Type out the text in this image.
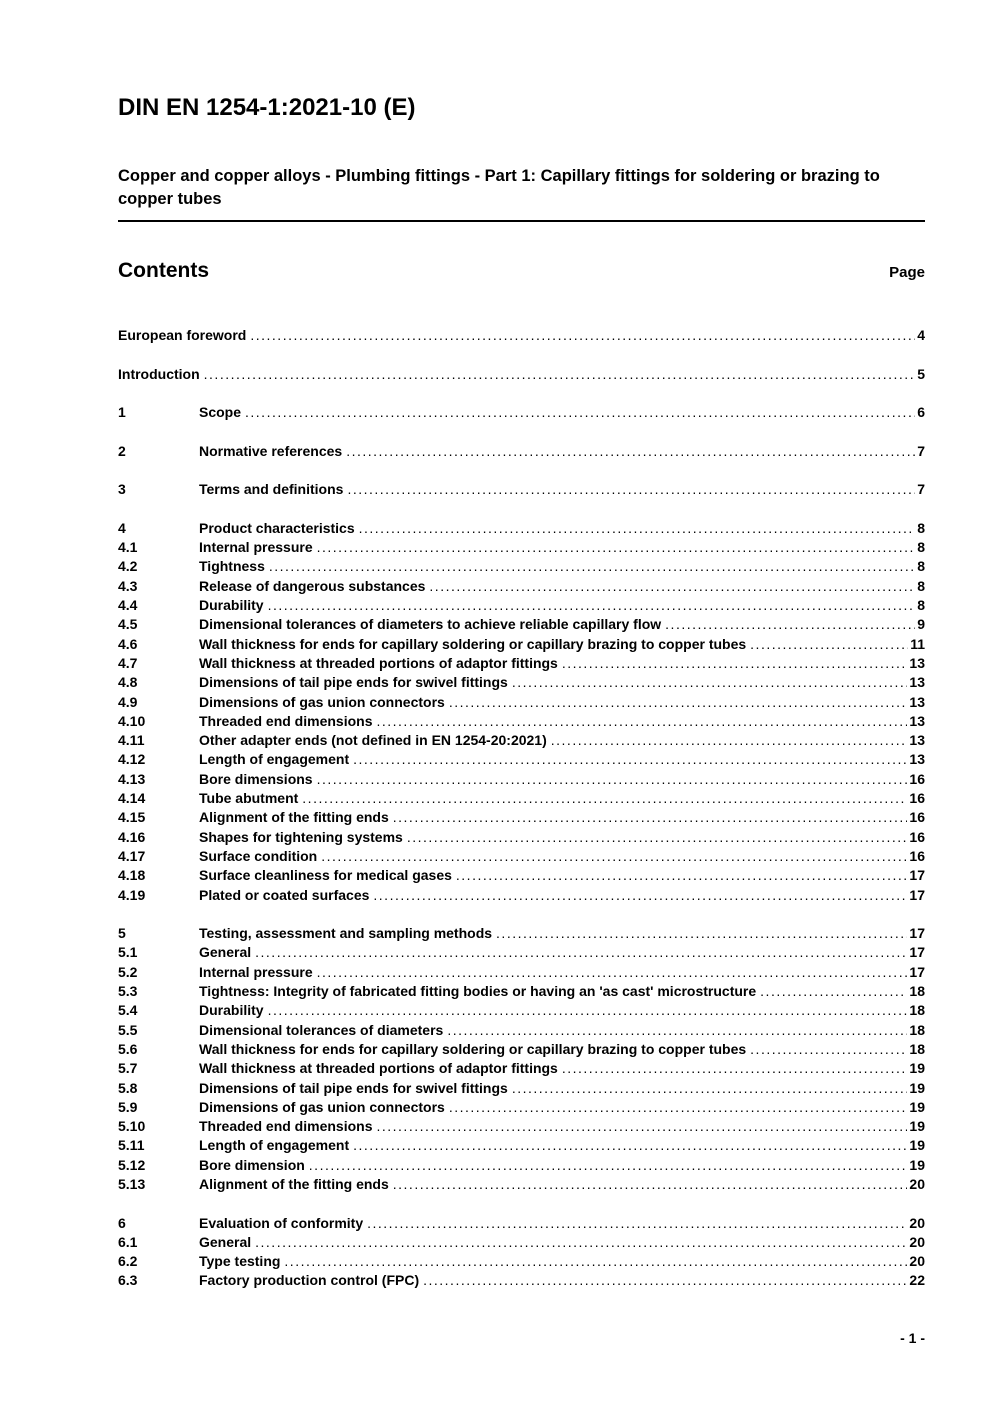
DIN EN 1254-1:2021-10 (E)
Copper and copper alloys - Plumbing fittings - Part 1: Capillary fittings for soldering or brazing to copper tubes
Contents	Page
European foreword .....	4
Introduction .....	5
1	Scope .....	6
2	Normative references .....	7
3	Terms and definitions .....	7
4	Product characteristics .....	8
4.1	Internal pressure .....	8
4.2	Tightness .....	8
4.3	Release of dangerous substances .....	8
4.4	Durability .....	8
4.5	Dimensional tolerances of diameters to achieve reliable capillary flow .....	9
4.6	Wall thickness for ends for capillary soldering or capillary brazing to copper tubes .....	11
4.7	Wall thickness at threaded portions of adaptor fittings .....	13
4.8	Dimensions of tail pipe ends for swivel fittings .....	13
4.9	Dimensions of gas union connectors .....	13
4.10	Threaded end dimensions .....	13
4.11	Other adapter ends (not defined in EN 1254-20:2021) .....	13
4.12	Length of engagement .....	13
4.13	Bore dimensions .....	16
4.14	Tube abutment .....	16
4.15	Alignment of the fitting ends .....	16
4.16	Shapes for tightening systems .....	16
4.17	Surface condition .....	16
4.18	Surface cleanliness for medical gases .....	17
4.19	Plated or coated surfaces .....	17
5	Testing, assessment and sampling methods .....	17
5.1	General .....	17
5.2	Internal pressure .....	17
5.3	Tightness: Integrity of fabricated fitting bodies or having an 'as cast' microstructure .....	18
5.4	Durability .....	18
5.5	Dimensional tolerances of diameters .....	18
5.6	Wall thickness for ends for capillary soldering or capillary brazing to copper tubes .....	18
5.7	Wall thickness at threaded portions of adaptor fittings .....	19
5.8	Dimensions of tail pipe ends for swivel fittings .....	19
5.9	Dimensions of gas union connectors .....	19
5.10	Threaded end dimensions .....	19
5.11	Length of engagement .....	19
5.12	Bore dimension .....	19
5.13	Alignment of the fitting ends .....	20
6	Evaluation of conformity .....	20
6.1	General .....	20
6.2	Type testing .....	20
6.3	Factory production control (FPC) .....	22
- 1 -
